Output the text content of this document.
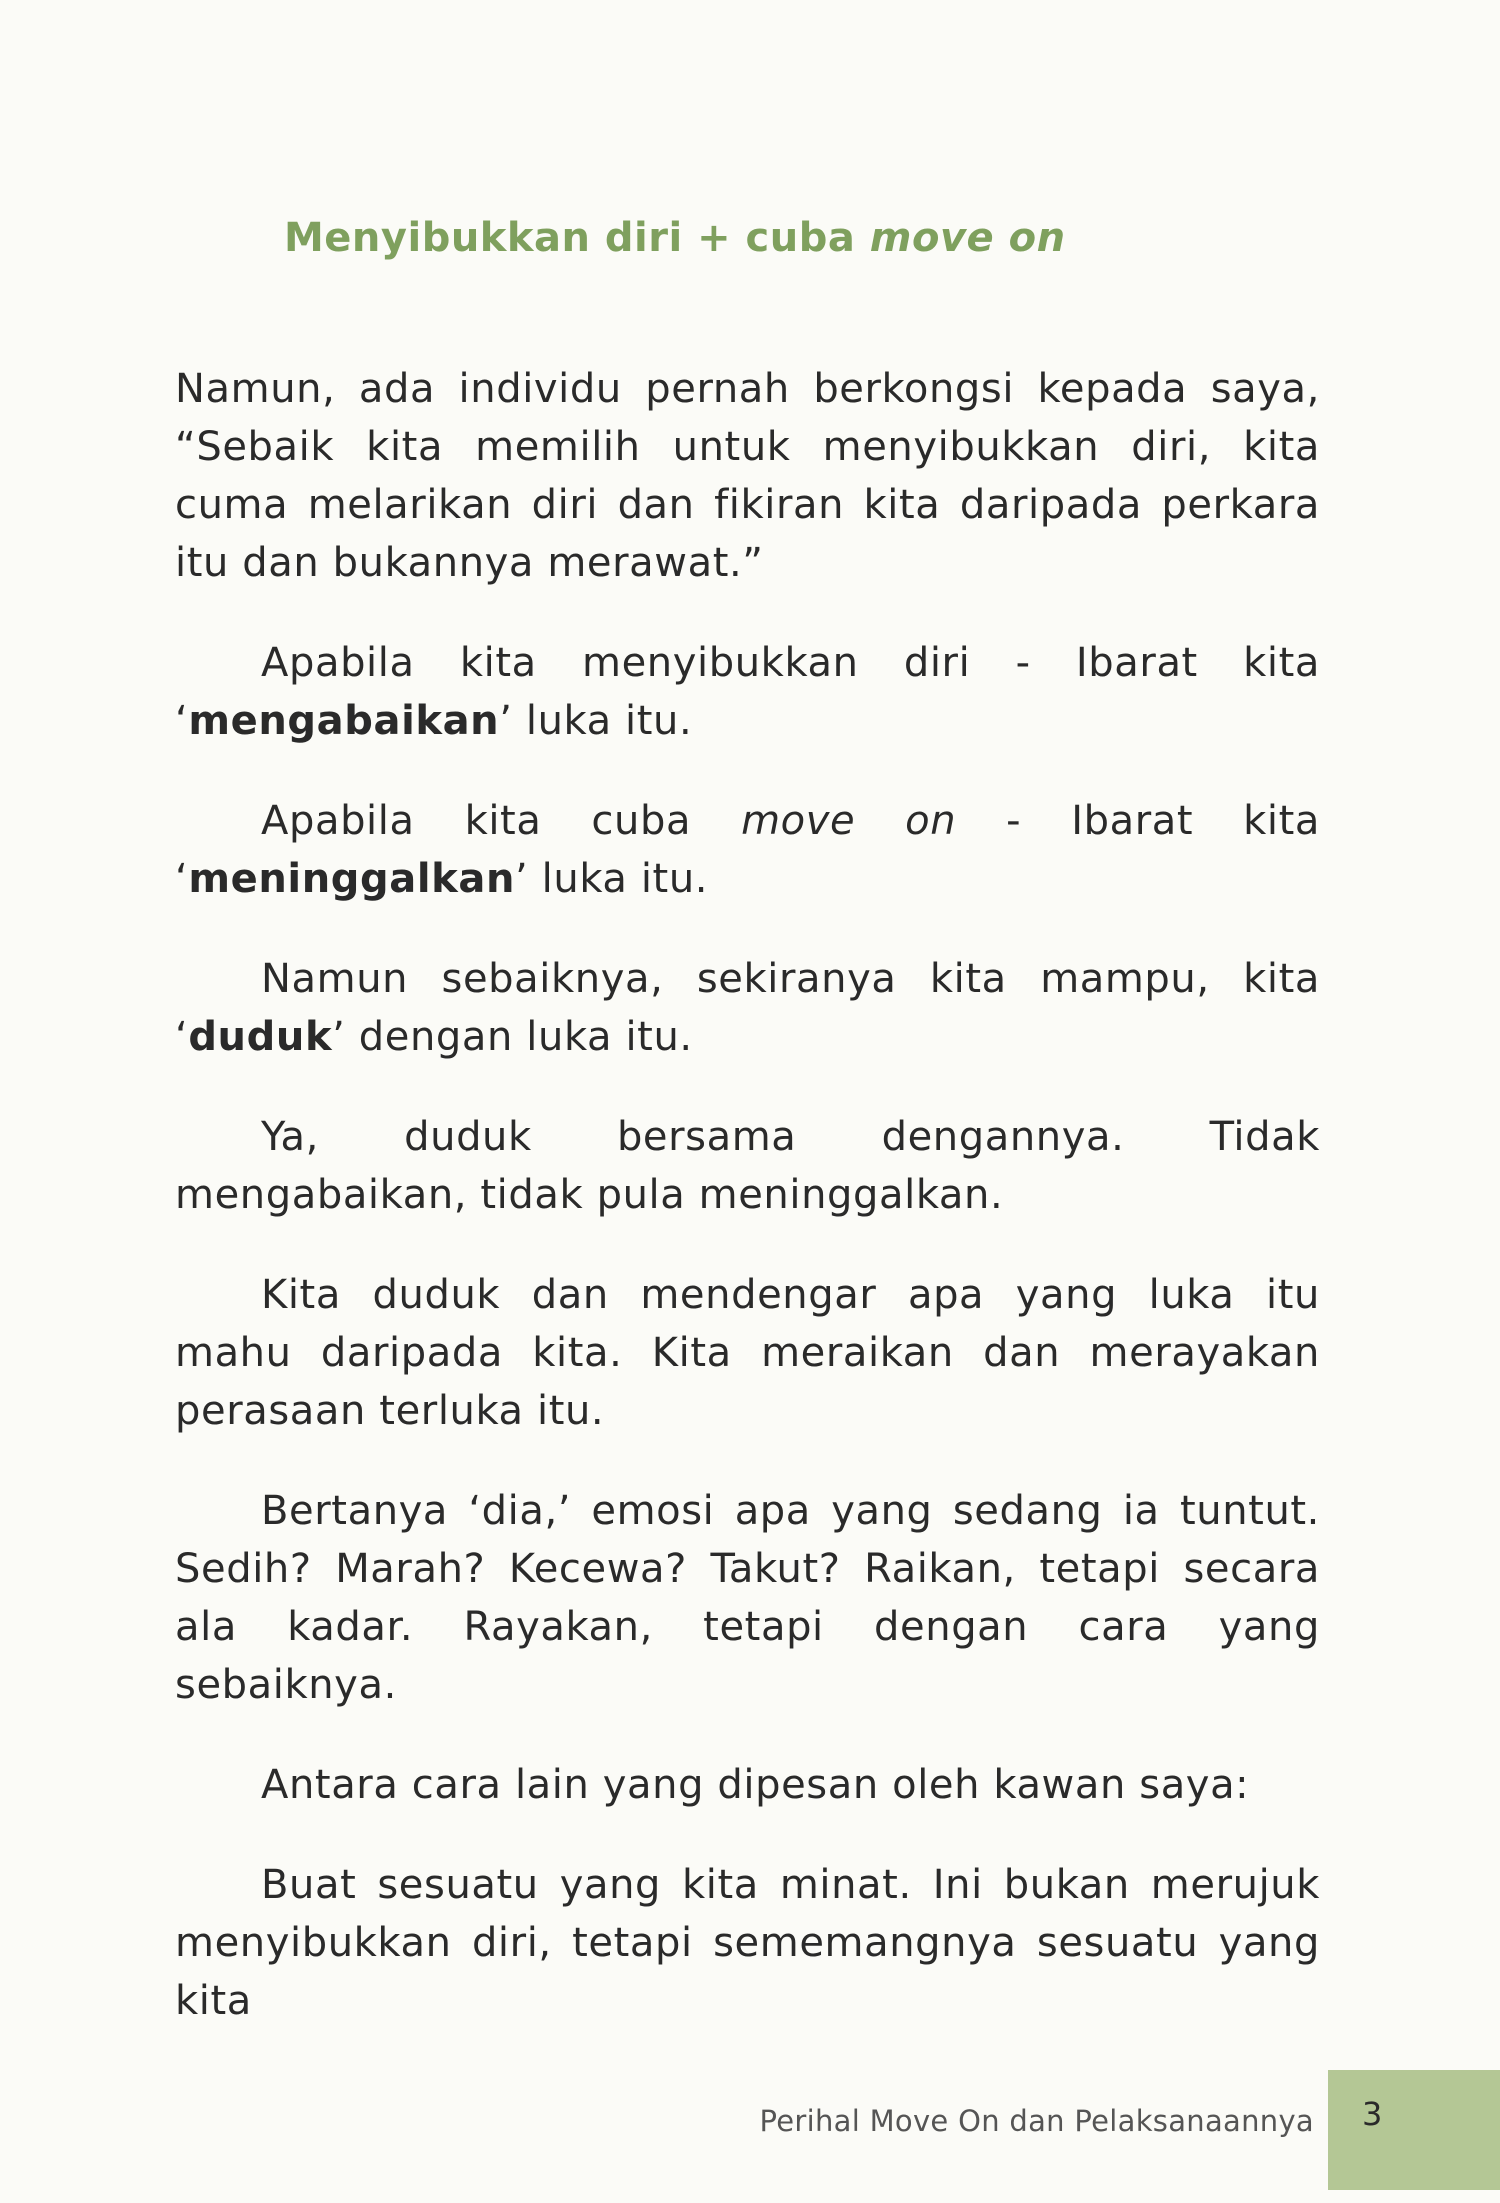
Menyibukkan diri + cuba move on

Namun, ada individu pernah berkongsi kepada saya, “Sebaik kita memilih untuk menyibukkan diri, kita cuma melarikan diri dan fikiran kita daripada perkara itu dan bukannya merawat.”

Apabila kita menyibukkan diri - Ibarat kita ‘mengabaikan’ luka itu.

Apabila kita cuba move on - Ibarat kita ‘meninggalkan’ luka itu.

Namun sebaiknya, sekiranya kita mampu, kita ‘duduk’ dengan luka itu.

Ya, duduk bersama dengannya. Tidak mengabaikan, tidak pula meninggalkan.

Kita duduk dan mendengar apa yang luka itu mahu daripada kita. Kita meraikan dan merayakan perasaan terluka itu.

Bertanya ‘dia,’ emosi apa yang sedang ia tuntut. Sedih? Marah? Kecewa? Takut? Raikan, tetapi secara ala kadar. Rayakan, tetapi dengan cara yang sebaiknya.

Antara cara lain yang dipesan oleh kawan saya:

Buat sesuatu yang kita minat. Ini bukan merujuk menyibukkan diri, tetapi sememangnya sesuatu yang kita

Perihal Move On dan Pelaksanaannya 3
